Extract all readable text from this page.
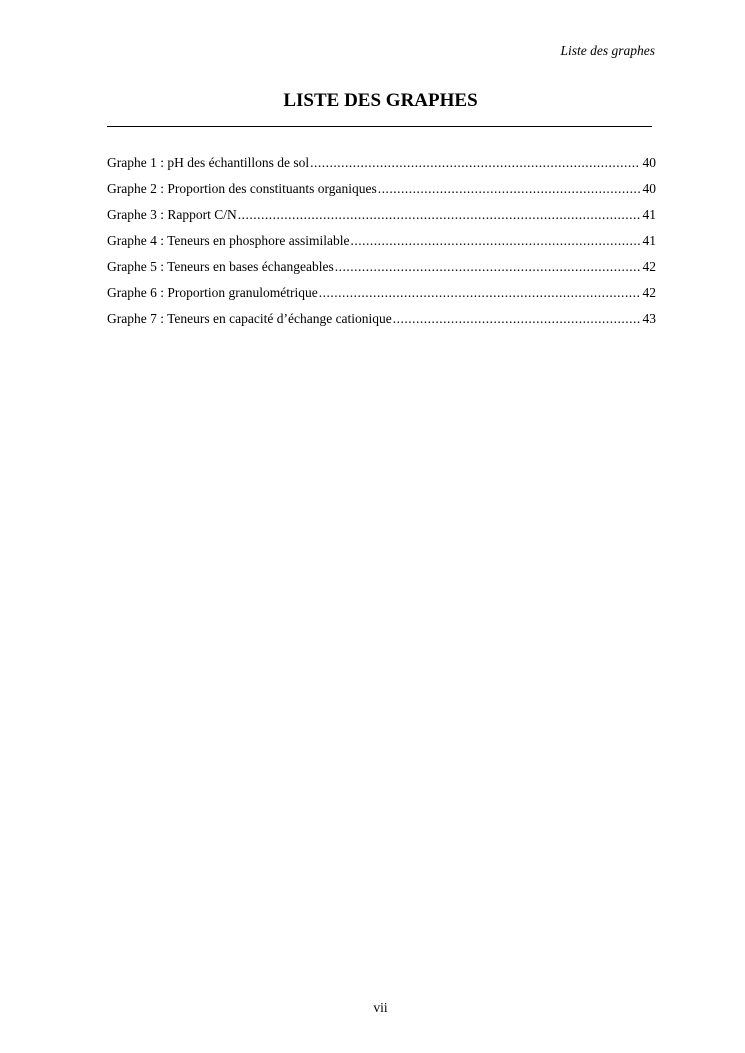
Liste des graphes
LISTE DES GRAPHES
Graphe 1 : pH des échantillons de sol .....	40
Graphe 2 : Proportion des constituants organiques .....	40
Graphe 3 : Rapport C/N .....	41
Graphe 4 : Teneurs en phosphore assimilable .....	41
Graphe 5 : Teneurs en bases échangeables .....	42
Graphe 6 : Proportion granulométrique .....	42
Graphe 7 : Teneurs en capacité d’échange cationique .....	43
vii
